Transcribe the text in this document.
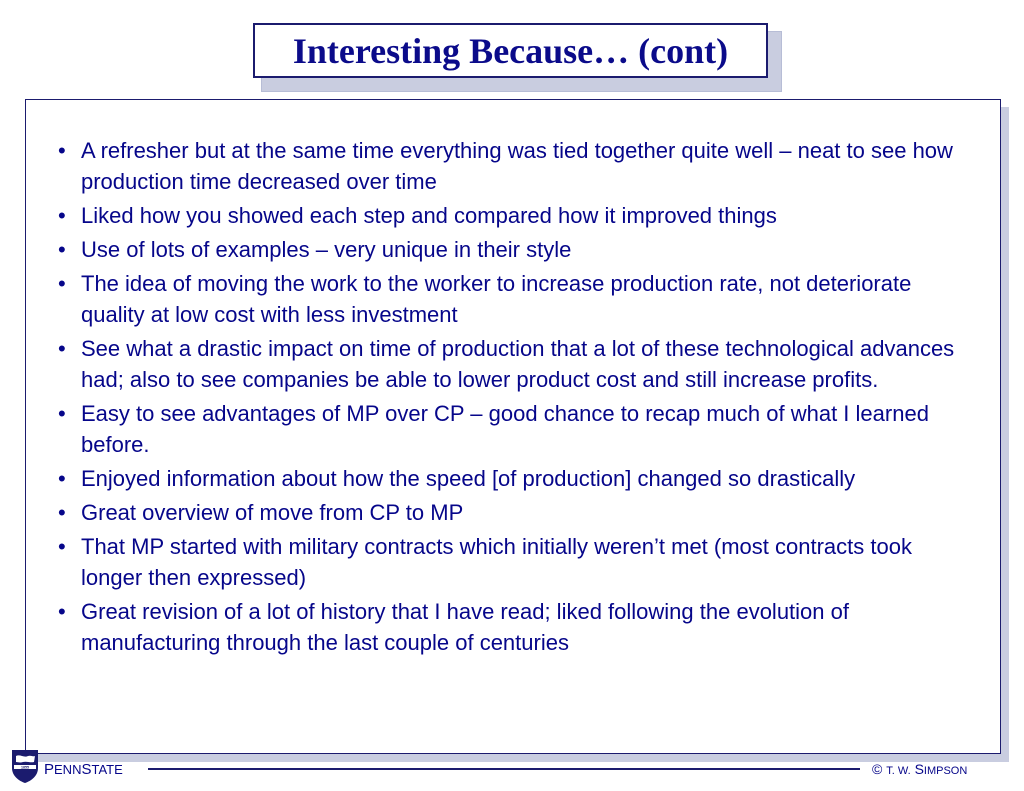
Interesting Because… (cont)
• A refresher but at the same time everything was tied together quite well – neat to see how production time decreased over time
• Liked how you showed each step and compared how it improved things
• Use of lots of examples – very unique in their style
• The idea of moving the work to the worker to increase production rate, not deteriorate quality at low cost with less investment
• See what a drastic impact on time of production that a lot of these technological advances had; also to see companies be able to lower product cost and still increase profits.
• Easy to see advantages of MP over CP – good chance to recap much of what I learned before.
• Enjoyed information about how the speed [of production] changed so drastically
• Great overview of move from CP to MP
• That MP started with military contracts which initially weren’t met (most contracts took longer then expressed)
• Great revision of a lot of history that I have read; liked following the evolution of manufacturing through the last couple of centuries
1855 PENNSTATE	© T. W. SIMPSON
